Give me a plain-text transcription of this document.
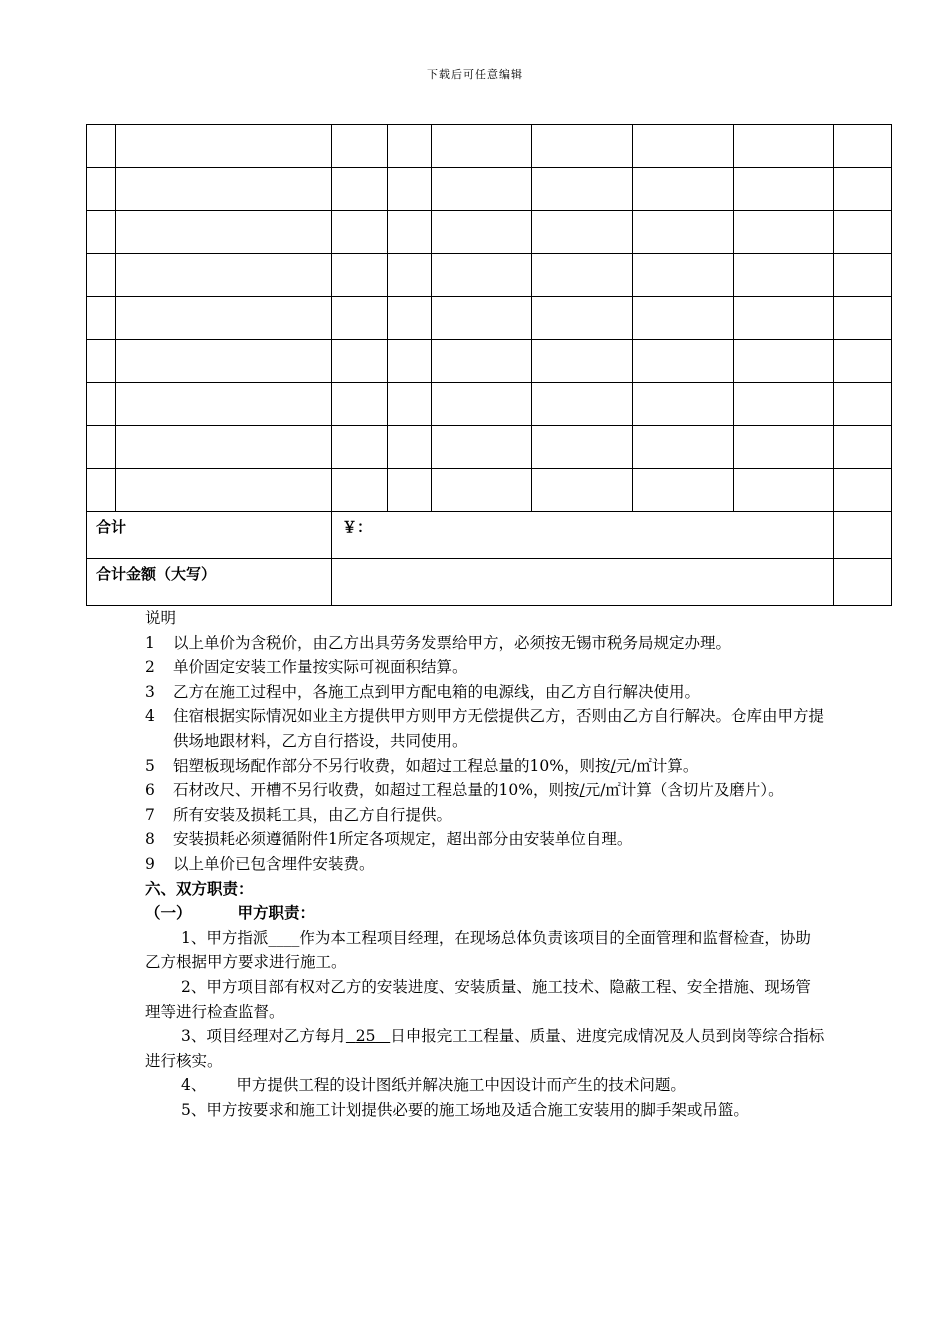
下载后可任意编辑

合计		￥：						
合计金额（大写）								

说明

1	以上单价为含税价，由乙方出具劳务发票给甲方，必须按无锡市税务局规定办理。
2	单价固定安装工作量按实际可视面积结算。
3	乙方在施工过程中，各施工点到甲方配电箱的电源线，由乙方自行解决使用。
4	住宿根据实际情况如业主方提供甲方则甲方无偿提供乙方，否则由乙方自行解决。仓库由甲方提供场地跟材料，乙方自行搭设，共同使用。
5	铝塑板现场配作部分不另行收费，如超过工程总量的10%，则按/元/㎡计算。
6	石材改尺、开槽不另行收费，如超过工程总量的10%，则按/元/㎡计算（含切片及磨片）。
7	所有安装及损耗工具，由乙方自行提供。
8	安装损耗必须遵循附件1所定各项规定，超出部分由安装单位自理。
9	以上单价已包含埋件安装费。

六、双方职责：

（一）	甲方职责：

1、甲方指派____作为本工程项目经理，在现场总体负责该项目的全面管理和监督检查，协助乙方根据甲方要求进行施工。

2、甲方项目部有权对乙方的安装进度、安装质量、施工技术、隐蔽工程、安全措施、现场管理等进行检查监督。

3、项目经理对乙方每月 25 日申报完工工程量、质量、进度完成情况及人员到岗等综合指标进行核实。

4、 甲方提供工程的设计图纸并解决施工中因设计而产生的技术问题。

5、甲方按要求和施工计划提供必要的施工场地及适合施工安装用的脚手架或吊篮。
